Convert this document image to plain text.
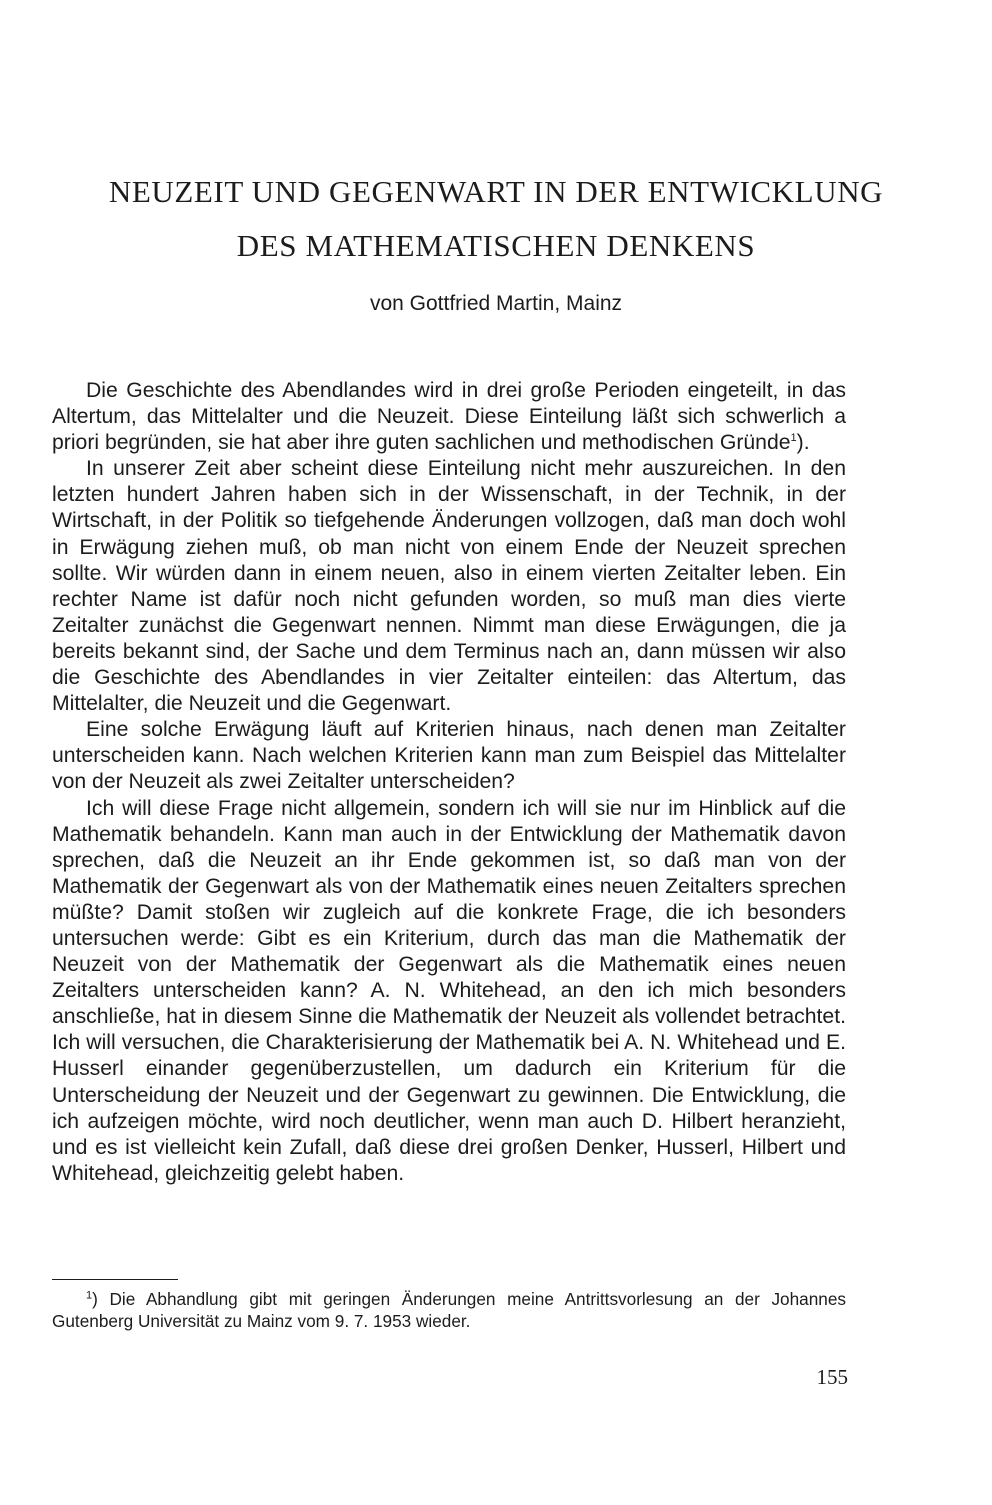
NEUZEIT UND GEGENWART IN DER ENTWICKLUNG
DES MATHEMATISCHEN DENKENS
von Gottfried Martin, Mainz

Die Geschichte des Abendlandes wird in drei große Perioden eingeteilt, in das Altertum, das Mittelalter und die Neuzeit. Diese Einteilung läßt sich schwerlich a priori begründen, sie hat aber ihre guten sachlichen und methodischen Gründe$^1$).

In unserer Zeit aber scheint diese Einteilung nicht mehr auszureichen. In den letzten hundert Jahren haben sich in der Wissenschaft, in der Technik, in der Wirtschaft, in der Politik so tiefgehende Änderungen vollzogen, daß man doch wohl in Erwägung ziehen muß, ob man nicht von einem Ende der Neuzeit sprechen sollte. Wir würden dann in einem neuen, also in einem vierten Zeitalter leben. Ein rechter Name ist dafür noch nicht gefunden worden, so muß man dies vierte Zeitalter zunächst die Gegenwart nennen. Nimmt man diese Erwägungen, die ja bereits bekannt sind, der Sache und dem Terminus nach an, dann müssen wir also die Geschichte des Abendlandes in vier Zeitalter einteilen: das Altertum, das Mittelalter, die Neuzeit und die Gegenwart.

Eine solche Erwägung läuft auf Kriterien hinaus, nach denen man Zeitalter unterscheiden kann. Nach welchen Kriterien kann man zum Beispiel das Mittelalter von der Neuzeit als zwei Zeitalter unterscheiden?

Ich will diese Frage nicht allgemein, sondern ich will sie nur im Hinblick auf die Mathematik behandeln. Kann man auch in der Entwicklung der Mathematik davon sprechen, daß die Neuzeit an ihr Ende gekommen ist, so daß man von der Mathematik der Gegenwart als von der Mathematik eines neuen Zeitalters sprechen müßte? Damit stoßen wir zugleich auf die konkrete Frage, die ich besonders untersuchen werde: Gibt es ein Kriterium, durch das man die Mathematik der Neuzeit von der Mathematik der Gegenwart als die Mathematik eines neuen Zeitalters unterscheiden kann? A. N. Whitehead, an den ich mich besonders anschließe, hat in diesem Sinne die Mathematik der Neuzeit als vollendet betrachtet. Ich will versuchen, die Charakterisierung der Mathematik bei A. N. Whitehead und E. Husserl einander gegenüberzustellen, um dadurch ein Kriterium für die Unterscheidung der Neuzeit und der Gegenwart zu gewinnen. Die Entwicklung, die ich aufzeigen möchte, wird noch deutlicher, wenn man auch D. Hilbert heranzieht, und es ist vielleicht kein Zufall, daß diese drei großen Denker, Husserl, Hilbert und Whitehead, gleichzeitig gelebt haben.

$^1$) Die Abhandlung gibt mit geringen Änderungen meine Antrittsvorlesung an der Johannes Gutenberg Universität zu Mainz vom 9. 7. 1953 wieder.

155
